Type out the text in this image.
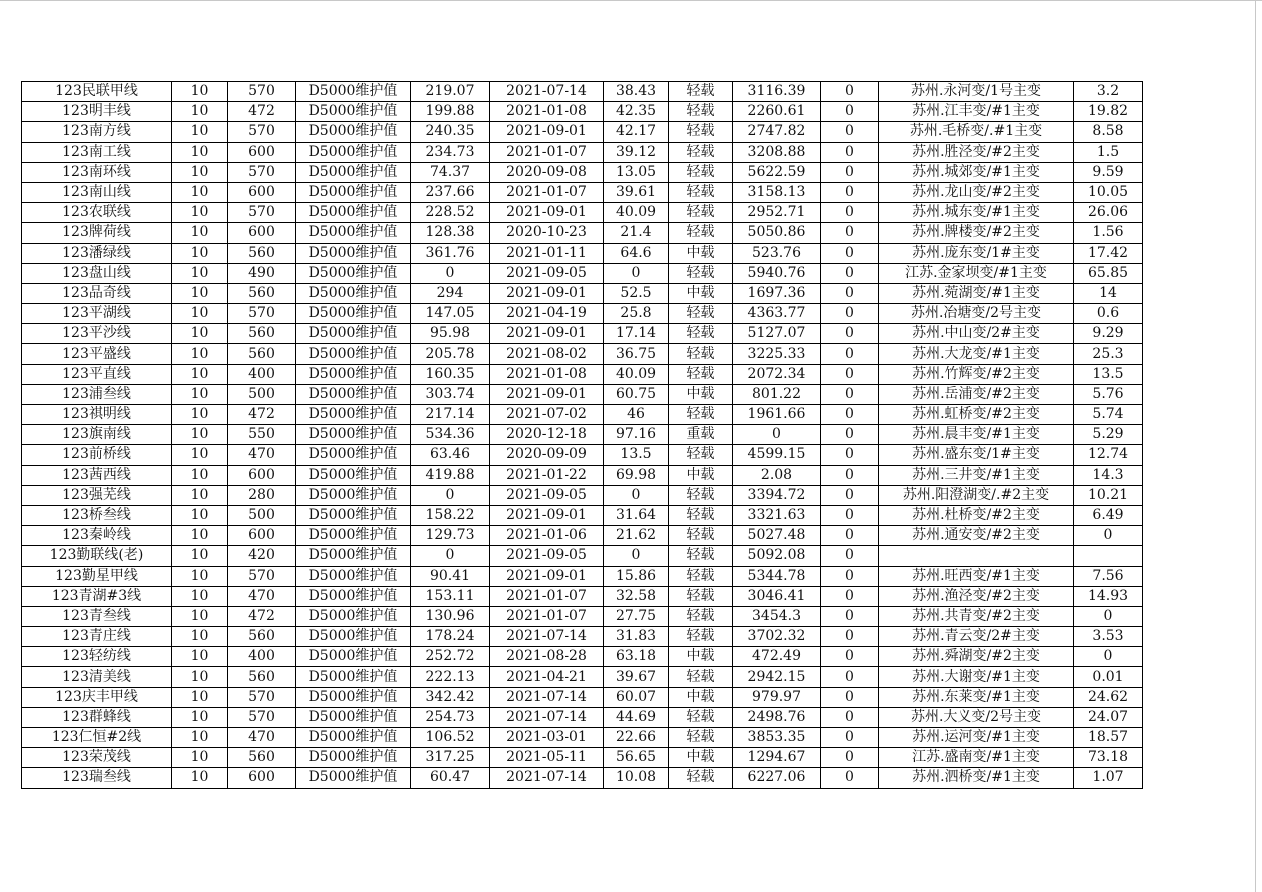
123民联甲线	10	570	D5000维护值	219.07	2021-07-14	38.43	轻载	3116.39	0	苏州.永河变/1号主变	3.2
123明丰线	10	472	D5000维护值	199.88	2021-01-08	42.35	轻载	2260.61	0	苏州.江丰变/#1主变	19.82
123南方线	10	570	D5000维护值	240.35	2021-09-01	42.17	轻载	2747.82	0	苏州.毛桥变/.#1主变	8.58
123南工线	10	600	D5000维护值	234.73	2021-01-07	39.12	轻载	3208.88	0	苏州.胜泾变/#2主变	1.5
123南环线	10	570	D5000维护值	74.37	2020-09-08	13.05	轻载	5622.59	0	苏州.城郊变/#1主变	9.59
123南山线	10	600	D5000维护值	237.66	2021-01-07	39.61	轻载	3158.13	0	苏州.龙山变/#2主变	10.05
123农联线	10	570	D5000维护值	228.52	2021-09-01	40.09	轻载	2952.71	0	苏州.城东变/#1主变	26.06
123牌荷线	10	600	D5000维护值	128.38	2020-10-23	21.4	轻载	5050.86	0	苏州.牌楼变/#2主变	1.56
123潘绿线	10	560	D5000维护值	361.76	2021-01-11	64.6	中载	523.76	0	苏州.庞东变/1#主变	17.42
123盘山线	10	490	D5000维护值	0	2021-09-05	0	轻载	5940.76	0	江苏.金家坝变/#1主变	65.85
123品奇线	10	560	D5000维护值	294	2021-09-01	52.5	中载	1697.36	0	苏州.菀湖变/#1主变	14
123平湖线	10	570	D5000维护值	147.05	2021-04-19	25.8	轻载	4363.77	0	苏州.冶塘变/2号主变	0.6
123平沙线	10	560	D5000维护值	95.98	2021-09-01	17.14	轻载	5127.07	0	苏州.中山变/2#主变	9.29
123平盛线	10	560	D5000维护值	205.78	2021-08-02	36.75	轻载	3225.33	0	苏州.大龙变/#1主变	25.3
123平直线	10	400	D5000维护值	160.35	2021-01-08	40.09	轻载	2072.34	0	苏州.竹辉变/#2主变	13.5
123浦叁线	10	500	D5000维护值	303.74	2021-09-01	60.75	中载	801.22	0	苏州.岳浦变/#2主变	5.76
123祺明线	10	472	D5000维护值	217.14	2021-07-02	46	轻载	1961.66	0	苏州.虹桥变/#2主变	5.74
123旗南线	10	550	D5000维护值	534.36	2020-12-18	97.16	重载	0	0	苏州.晨丰变/#1主变	5.29
123前桥线	10	470	D5000维护值	63.46	2020-09-09	13.5	轻载	4599.15	0	苏州.盛东变/1#主变	12.74
123茜西线	10	600	D5000维护值	419.88	2021-01-22	69.98	中载	2.08	0	苏州.三井变/#1主变	14.3
123强芜线	10	280	D5000维护值	0	2021-09-05	0	轻载	3394.72	0	苏州.阳澄湖变/.#2主变	10.21
123桥叁线	10	500	D5000维护值	158.22	2021-09-01	31.64	轻载	3321.63	0	苏州.杜桥变/#2主变	6.49
123秦岭线	10	600	D5000维护值	129.73	2021-01-06	21.62	轻载	5027.48	0	苏州.通安变/#2主变	0
123勤联线(老)	10	420	D5000维护值	0	2021-09-05	0	轻载	5092.08	0		
123勤星甲线	10	570	D5000维护值	90.41	2021-09-01	15.86	轻载	5344.78	0	苏州.旺西变/#1主变	7.56
123青湖#3线	10	470	D5000维护值	153.11	2021-01-07	32.58	轻载	3046.41	0	苏州.渔泾变/#2主变	14.93
123青叁线	10	472	D5000维护值	130.96	2021-01-07	27.75	轻载	3454.3	0	苏州.共青变/#2主变	0
123青庄线	10	560	D5000维护值	178.24	2021-07-14	31.83	轻载	3702.32	0	苏州.青云变/2#主变	3.53
123轻纺线	10	400	D5000维护值	252.72	2021-08-28	63.18	中载	472.49	0	苏州.舜湖变/#2主变	0
123清美线	10	560	D5000维护值	222.13	2021-04-21	39.67	轻载	2942.15	0	苏州.大谢变/#1主变	0.01
123庆丰甲线	10	570	D5000维护值	342.42	2021-07-14	60.07	中载	979.97	0	苏州.东莱变/#1主变	24.62
123群蜂线	10	570	D5000维护值	254.73	2021-07-14	44.69	轻载	2498.76	0	苏州.大义变/2号主变	24.07
123仁恒#2线	10	470	D5000维护值	106.52	2021-03-01	22.66	轻载	3853.35	0	苏州.运河变/#1主变	18.57
123荣茂线	10	560	D5000维护值	317.25	2021-05-11	56.65	中载	1294.67	0	江苏.盛南变/#1主变	73.18
123瑞叁线	10	600	D5000维护值	60.47	2021-07-14	10.08	轻载	6227.06	0	苏州.泗桥变/#1主变	1.07
